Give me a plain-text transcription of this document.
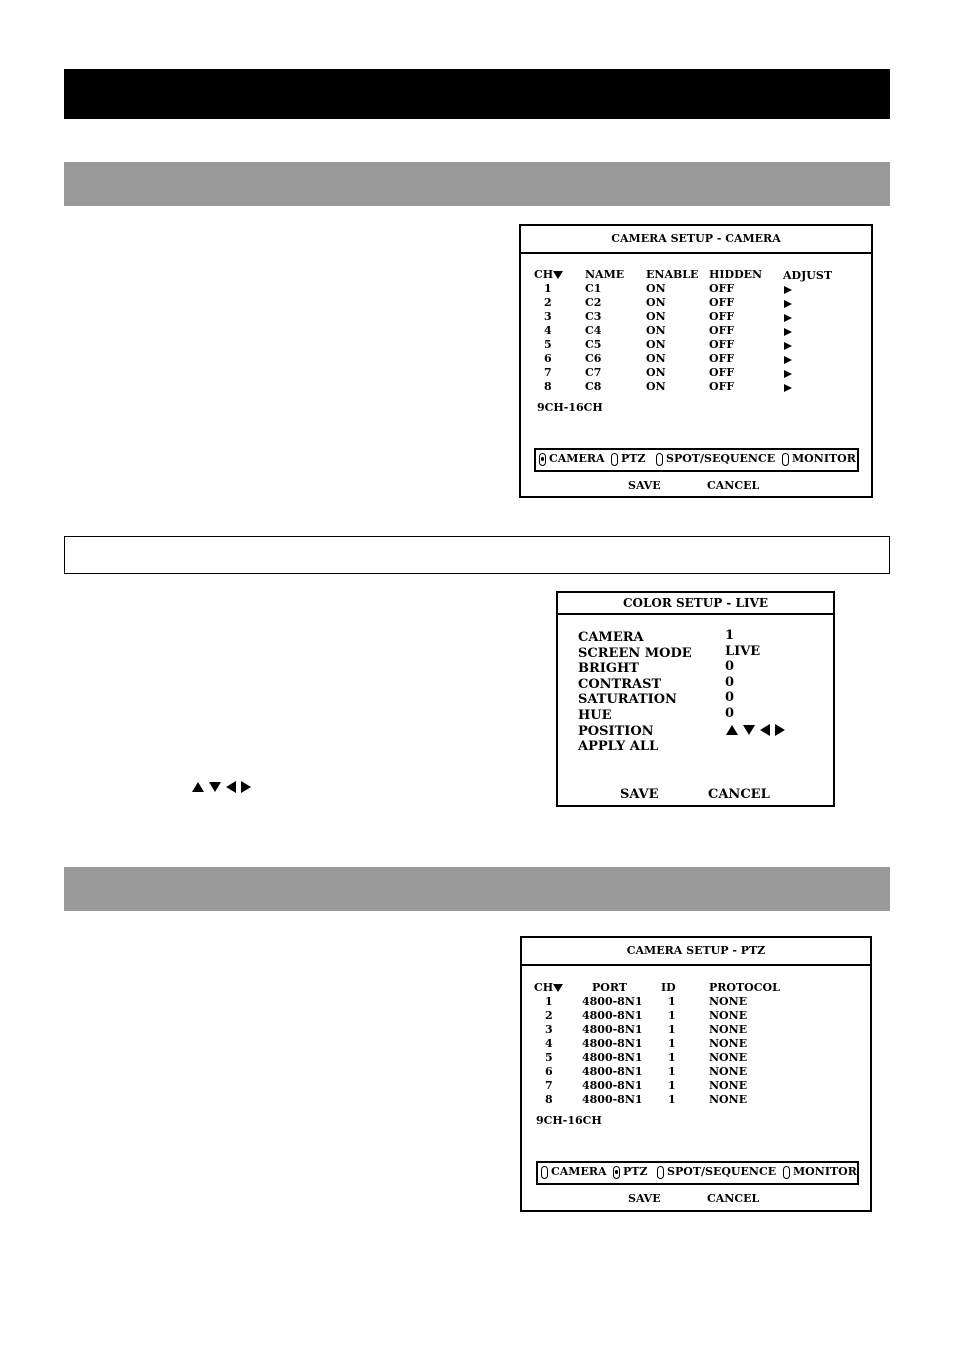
CAMERA SETUP - CAMERA
CH	NAME ENABLE HIDDEN ADJUST
1	C1	ON	OFF
2	C2	ON	OFF
3	C3	ON	OFF
4	C4	ON	OFF
5	C5	ON	OFF
6	C6	ON	OFF
7	C7	ON	OFF
8	C8	ON	OFF
9CH-16CH
CAMERA PTZ SPOT/SEQUENCE MONITOR
SAVE	CANCEL
COLOR SETUP - LIVE
CAMERA	1
SCREEN MODE	LIVE
BRIGHT	0
CONTRAST	0
SATURATION	0
HUE	0
POSITION
APPLY ALL
SAVE	CANCEL
CAMERA SETUP - PTZ
CH	PORT	ID	PROTOCOL
1	4800-8N1 1	NONE
2	4800-8N1 1	NONE
3	4800-8N1 1	NONE
4	4800-8N1 1	NONE
5	4800-8N1 1	NONE
6	4800-8N1 1	NONE
7	4800-8N1 1	NONE
8	4800-8N1 1	NONE
9CH-16CH
CAMERA PTZ SPOT/SEQUENCE MONITOR
SAVE	CANCEL
